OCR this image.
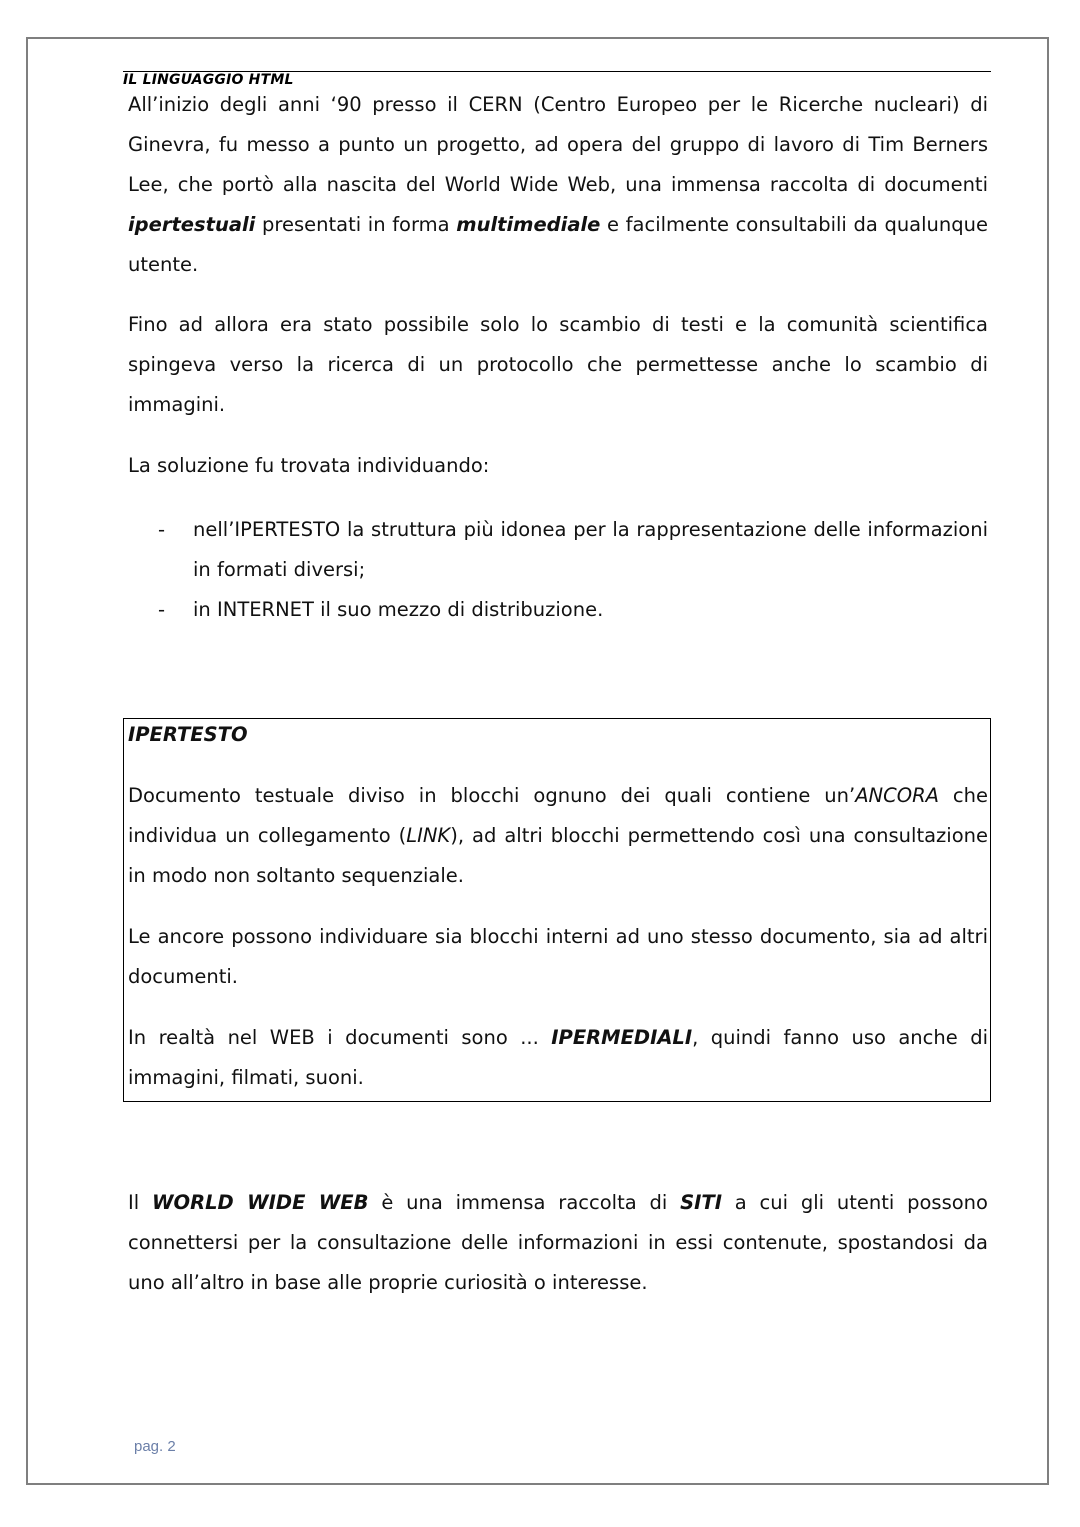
IL LINGUAGGIO HTML

All’inizio degli anni ‘90 presso il CERN (Centro Europeo per le Ricerche nucleari) di Ginevra, fu messo a punto un progetto, ad opera del gruppo di lavoro di Tim Berners Lee, che portò alla nascita del World Wide Web, una immensa raccolta di documenti ipertestuali presentati in forma multimediale e facilmente consultabili da qualunque utente.

Fino ad allora era stato possibile solo lo scambio di testi e la comunità scientifica spingeva verso la ricerca di un protocollo che permettesse anche lo scambio di immagini.

La soluzione fu trovata individuando:

- nell’IPERTESTO la struttura più idonea per la rappresentazione delle informazioni in formati diversi;
- in INTERNET il suo mezzo di distribuzione.
IPERTESTO

Documento testuale diviso in blocchi ognuno dei quali contiene un’ANCORA che individua un collegamento (LINK), ad altri blocchi permettendo così una consultazione in modo non soltanto sequenziale.

Le ancore possono individuare sia blocchi interni ad uno stesso documento, sia ad altri documenti.

In realtà nel WEB i documenti sono ... IPERMEDIALI, quindi fanno uso anche di immagini, filmati, suoni.

Il WORLD WIDE WEB è una immensa raccolta di SITI a cui gli utenti possono connettersi per la consultazione delle informazioni in essi contenute, spostandosi da uno all’altro in base alle proprie curiosità o interesse.

pag. 2
